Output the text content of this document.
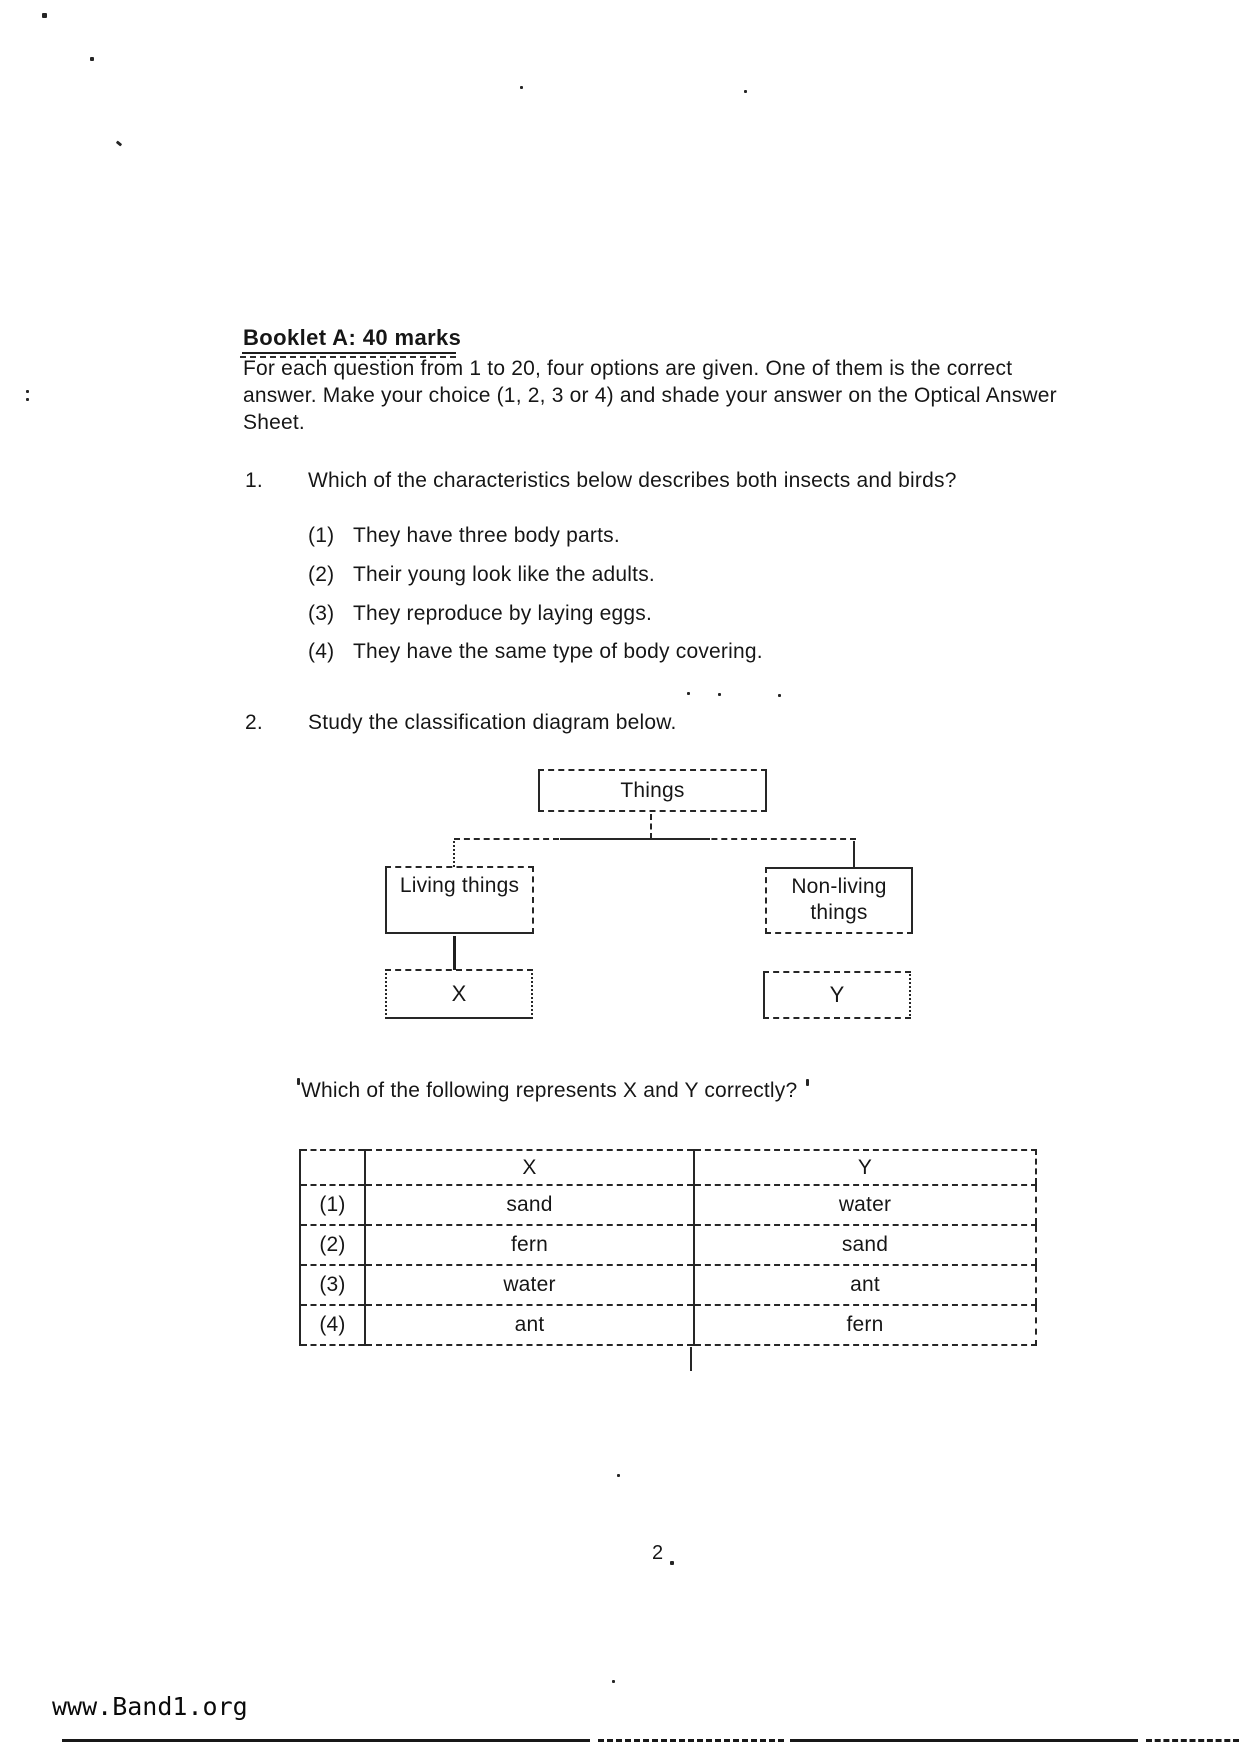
Booklet A: 40 marks
For each question from 1 to 20, four options are given. One of them is the correct
answer. Make your choice (1, 2, 3 or 4) and shade your answer on the Optical Answer
Sheet.
1. Which of the characteristics below describes both insects and birds?
(1) They have three body parts.
(2) Their young look like the adults.
(3) They reproduce by laying eggs.
(4) They have the same type of body covering.
2. Study the classification diagram below.
Things
Living things	Non-living things
X	Y
Which of the following represents X and Y correctly?
	X	Y
(1)	sand	water
(2)	fern	sand
(3)	water	ant
(4)	ant	fern
2
www.Band1.org
